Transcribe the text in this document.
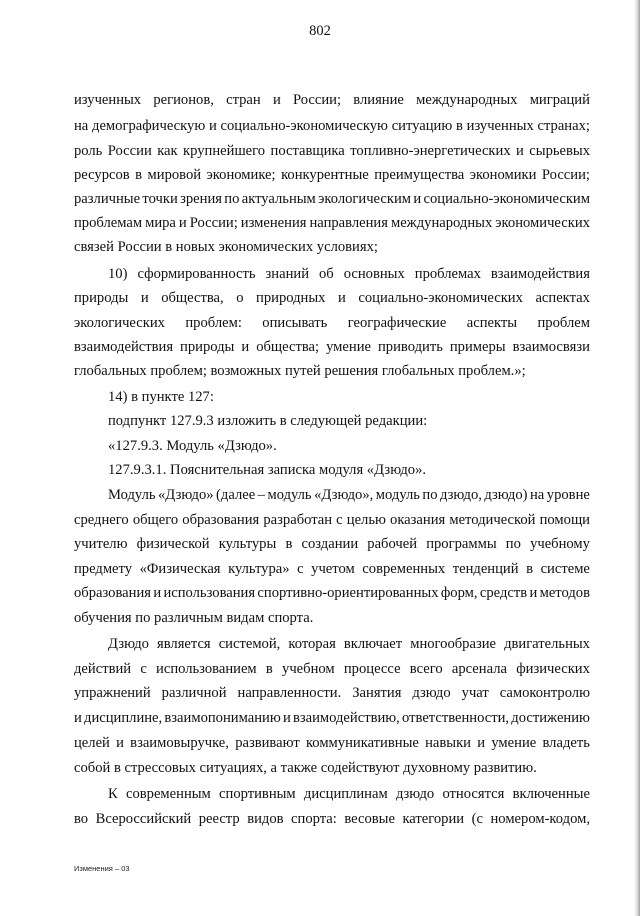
802
изученных регионов, стран и России; влияние международных миграций
на демографическую и социально-экономическую ситуацию в изученных странах;
роль России как крупнейшего поставщика топливно-энергетических и сырьевых
ресурсов в мировой экономике; конкурентные преимущества экономики России;
различные точки зрения по актуальным экологическим и социально-экономическим
проблемам мира и России; изменения направления международных экономических
связей России в новых экономических условиях;
10) сформированность знаний об основных проблемах взаимодействия
природы и общества, о природных и социально-экономических аспектах
экологических проблем: описывать географические аспекты проблем
взаимодействия природы и общества; умение приводить примеры взаимосвязи
глобальных проблем; возможных путей решения глобальных проблем.»;
14) в пункте 127:
подпункт 127.9.3 изложить в следующей редакции:
«127.9.3. Модуль «Дзюдо».
127.9.3.1. Пояснительная записка модуля «Дзюдо».
Модуль «Дзюдо» (далее – модуль «Дзюдо», модуль по дзюдо, дзюдо) на уровне
среднего общего образования разработан с целью оказания методической помощи
учителю физической культуры в создании рабочей программы по учебному
предмету «Физическая культура» с учетом современных тенденций в системе
образования и использования спортивно-ориентированных форм, средств и методов
обучения по различным видам спорта.
Дзюдо является системой, которая включает многообразие двигательных
действий с использованием в учебном процессе всего арсенала физических
упражнений различной направленности. Занятия дзюдо учат самоконтролю
и дисциплине, взаимопониманию и взаимодействию, ответственности, достижению
целей и взаимовыручке, развивают коммуникативные навыки и умение владеть
собой в стрессовых ситуациях, а также содействуют духовному развитию.
К современным спортивным дисциплинам дзюдо относятся включенные
во Всероссийский реестр видов спорта: весовые категории (с номером-кодом,
Изменения – 03
